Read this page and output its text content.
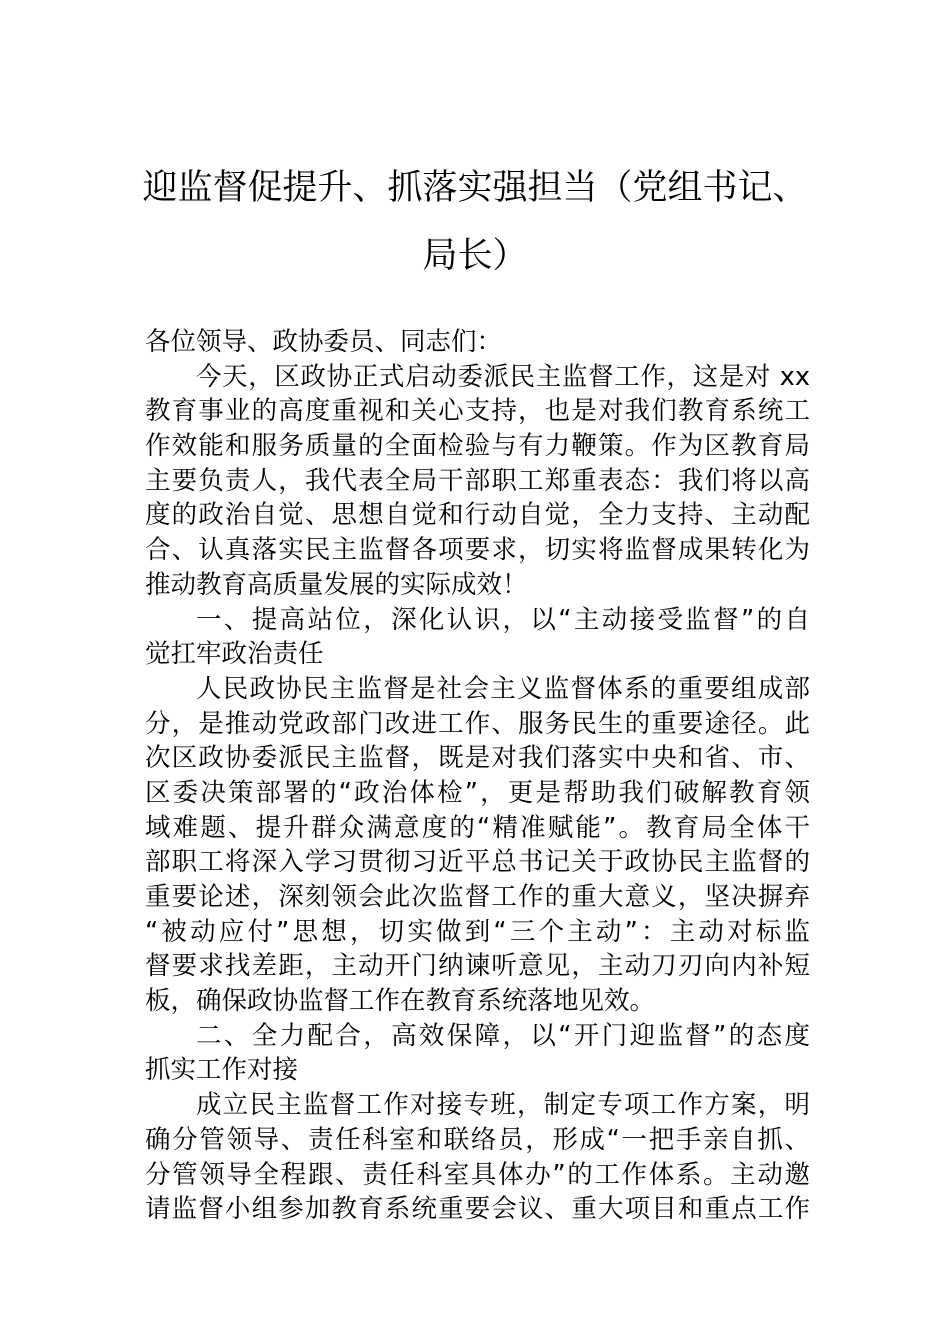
迎监督促提升、抓落实强担当（党组书记、
局长）
各位领导、政协委员、同志们：
今天，区政协正式启动委派民主监督工作，这是对 xx
教育事业的高度重视和关心支持，也是对我们教育系统工
作效能和服务质量的全面检验与有力鞭策。作为区教育局
主要负责人，我代表全局干部职工郑重表态：我们将以高
度的政治自觉、思想自觉和行动自觉，全力支持、主动配
合、认真落实民主监督各项要求，切实将监督成果转化为
推动教育高质量发展的实际成效！
一、提高站位，深化认识，以“主动接受监督”的自
觉扛牢政治责任
人民政协民主监督是社会主义监督体系的重要组成部
分，是推动党政部门改进工作、服务民生的重要途径。此
次区政协委派民主监督，既是对我们落实中央和省、市、
区委决策部署的“政治体检”，更是帮助我们破解教育领
域难题、提升群众满意度的“精准赋能”。教育局全体干
部职工将深入学习贯彻习近平总书记关于政协民主监督的
重要论述，深刻领会此次监督工作的重大意义，坚决摒弃
“被动应付”思想，切实做到“三个主动”：主动对标监
督要求找差距，主动开门纳谏听意见，主动刀刃向内补短
板，确保政协监督工作在教育系统落地见效。
二、全力配合，高效保障，以“开门迎监督”的态度
抓实工作对接
成立民主监督工作对接专班，制定专项工作方案，明
确分管领导、责任科室和联络员，形成“一把手亲自抓、
分管领导全程跟、责任科室具体办”的工作体系。主动邀
请监督小组参加教育系统重要会议、重大项目和重点工作
